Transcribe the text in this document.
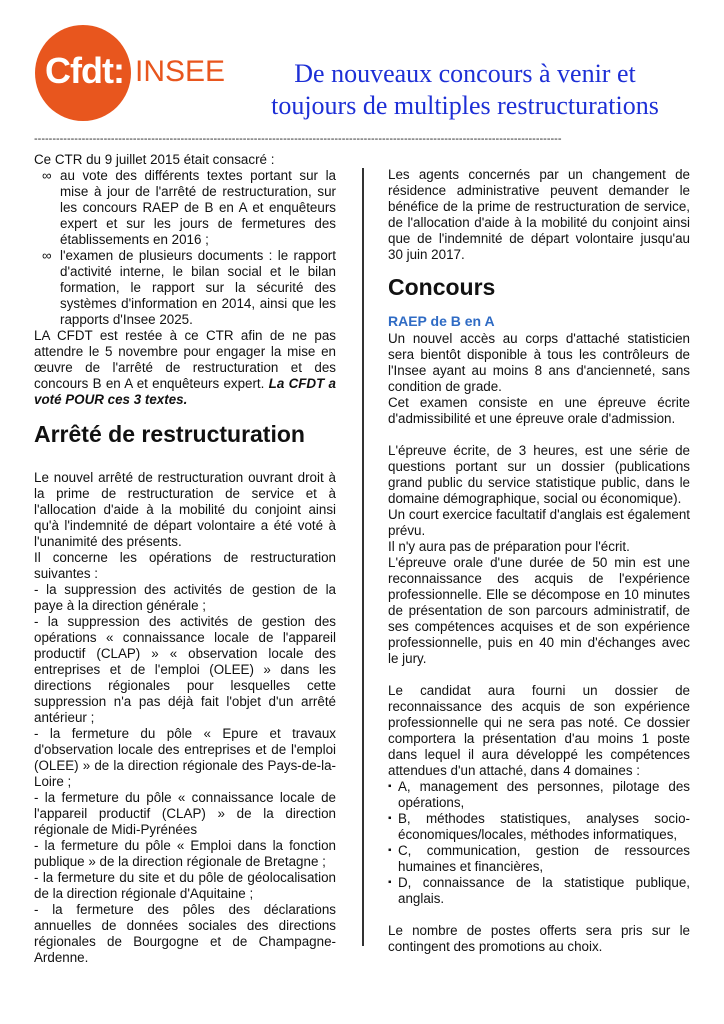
Cfdt: INSEE	De nouveaux concours à venir et
toujours de multiples restructurations
------------------------------------------------------------------------------------------------------------------------------------------------

Ce CTR du 9 juillet 2015 était consacré :

∞ au vote des différents textes portant sur la mise à jour de l'arrêté de restructuration, sur les concours RAEP de B en A et enquêteurs expert et sur les jours de fermetures des établissements en 2016 ;
∞ l'examen de plusieurs documents : le rapport d'activité interne, le bilan social et le bilan formation, le rapport sur la sécurité des systèmes d'information en 2014, ainsi que les rapports d'Insee 2025.

LA CFDT est restée à ce CTR afin de ne pas attendre le 5 novembre pour engager la mise en œuvre de l'arrêté de restructuration et des concours B en A et enquêteurs expert. La CFDT a voté POUR ces 3 textes.

Arrêté de restructuration

Le nouvel arrêté de restructuration ouvrant droit à la prime de restructuration de service et à l'allocation d'aide à la mobilité du conjoint ainsi qu'à l'indemnité de départ volontaire a été voté à l'unanimité des présents.

Il concerne les opérations de restructuration suivantes :

- la suppression des activités de gestion de la paye à la direction générale ;

- la suppression des activités de gestion des opérations « connaissance locale de l'appareil productif (CLAP) » « observation locale des entreprises et de l'emploi (OLEE) » dans les directions régionales pour lesquelles cette suppression n'a pas déjà fait l'objet d'un arrêté antérieur ;

- la fermeture du pôle « Epure et travaux d'observation locale des entreprises et de l'emploi (OLEE) » de la direction régionale des Pays-de-la-Loire ;

- la fermeture du pôle « connaissance locale de l'appareil productif (CLAP) » de la direction régionale de Midi-Pyrénées

- la fermeture du pôle « Emploi dans la fonction publique » de la direction régionale de Bretagne ;

- la fermeture du site et du pôle de géolocalisation de la direction régionale d'Aquitaine ;

- la fermeture des pôles des déclarations annuelles de données sociales des directions régionales de Bourgogne et de Champagne-Ardenne.

Les agents concernés par un changement de résidence administrative peuvent demander le bénéfice de la prime de restructuration de service, de l'allocation d'aide à la mobilité du conjoint ainsi que de l'indemnité de départ volontaire jusqu'au 30 juin 2017.

Concours
RAEP de B en A

Un nouvel accès au corps d'attaché statisticien sera bientôt disponible à tous les contrôleurs de l'Insee ayant au moins 8 ans d'ancienneté, sans condition de grade.

Cet examen consiste en une épreuve écrite d'admissibilité et une épreuve orale d'admission.

L'épreuve écrite, de 3 heures, est une série de questions portant sur un dossier (publications grand public du service statistique public, dans le domaine démographique, social ou économique).

Un court exercice facultatif d'anglais est également prévu.

Il n'y aura pas de préparation pour l'écrit.

L'épreuve orale d'une durée de 50 min est une reconnaissance des acquis de l'expérience professionnelle. Elle se décompose en 10 minutes de présentation de son parcours administratif, de ses compétences acquises et de son expérience professionnelle, puis en 40 min d'échanges avec le jury.

Le candidat aura fourni un dossier de reconnaissance des acquis de son expérience professionnelle qui ne sera pas noté. Ce dossier comportera la présentation d'au moins 1 poste dans lequel il aura développé les compétences attendues d'un attaché, dans 4 domaines :

▪ A, management des personnes, pilotage des opérations,
▪ B, méthodes statistiques, analyses socio-économiques/locales, méthodes informatiques,
▪ C, communication, gestion de ressources humaines et financières,
▪ D, connaissance de la statistique publique, anglais.

Le nombre de postes offerts sera pris sur le contingent des promotions au choix.
